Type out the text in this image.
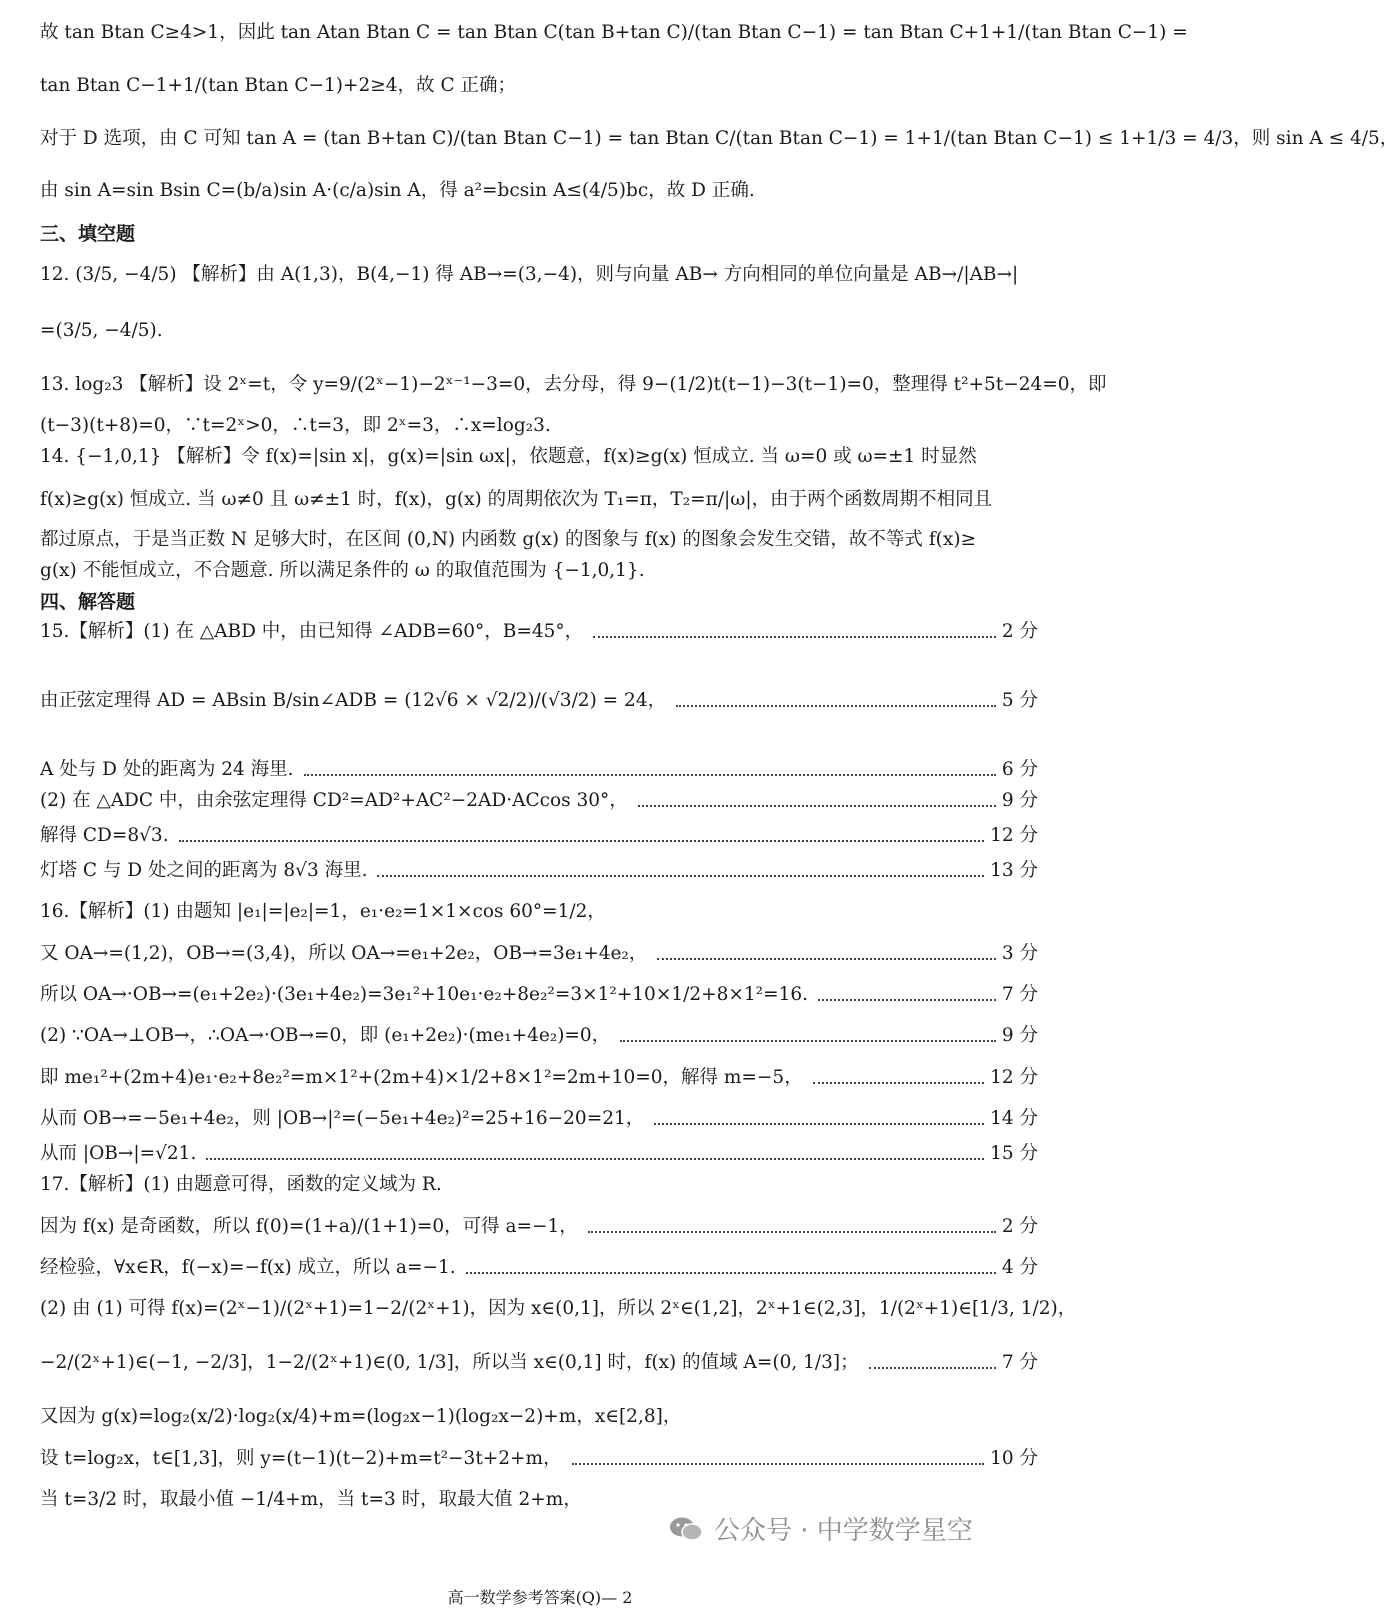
故 tan Btan C≥4>1，因此 tan Atan Btan C = tan Btan C(tan B+tan C)/(tan Btan C−1) = tan Btan C+1+1/(tan Btan C−1) =
tan Btan C−1+1/(tan Btan C−1)+2≥4，故 C 正确；
对于 D 选项，由 C 可知 tan A = (tan B+tan C)/(tan Btan C−1) = tan Btan C/(tan Btan C−1) = 1+1/(tan Btan C−1) ≤ 1+1/3 = 4/3，则 sin A ≤ 4/5，
由 sin A=sin Bsin C=(b/a)sin A·(c/a)sin A，得 a²=bcsin A≤(4/5)bc，故 D 正确.
三、填空题
12. (3/5, −4/5) 【解析】由 A(1,3)，B(4,−1) 得 AB→=(3,−4)，则与向量 AB→ 方向相同的单位向量是 AB→/|AB→|
=(3/5, −4/5).
13. log₂3 【解析】设 2ˣ=t，令 y=9/(2ˣ−1)−2ˣ⁻¹−3=0，去分母，得 9−(1/2)t(t−1)−3(t−1)=0，整理得 t²+5t−24=0，即
(t−3)(t+8)=0，∵t=2ˣ>0，∴t=3，即 2ˣ=3，∴x=log₂3.
14. {−1,0,1} 【解析】令 f(x)=|sin x|，g(x)=|sin ωx|，依题意，f(x)≥g(x) 恒成立. 当 ω=0 或 ω=±1 时显然
f(x)≥g(x) 恒成立. 当 ω≠0 且 ω≠±1 时，f(x)，g(x) 的周期依次为 T₁=π，T₂=π/|ω|，由于两个函数周期不相同且
都过原点，于是当正数 N 足够大时，在区间 (0,N) 内函数 g(x) 的图象与 f(x) 的图象会发生交错，故不等式 f(x)≥
g(x) 不能恒成立，不合题意. 所以满足条件的 ω 的取值范围为 {−1,0,1}.
四、解答题
15.【解析】(1) 在 △ABD 中，由已知得 ∠ADB=60°，B=45°，	2 分
由正弦定理得 AD = ABsin B/sin∠ADB = (12√6 × √2/2)/(√3/2) = 24，	5 分
A 处与 D 处的距离为 24 海里.	6 分
(2) 在 △ADC 中，由余弦定理得 CD²=AD²+AC²−2AD·ACcos 30°，	9 分
解得 CD=8√3.	12 分
灯塔 C 与 D 处之间的距离为 8√3 海里.	13 分
16.【解析】(1) 由题知 |e₁|=|e₂|=1，e₁·e₂=1×1×cos 60°=1/2，
又 OA→=(1,2)，OB→=(3,4)，所以 OA→=e₁+2e₂，OB→=3e₁+4e₂，	3 分
所以 OA→·OB→=(e₁+2e₂)·(3e₁+4e₂)=3e₁²+10e₁·e₂+8e₂²=3×1²+10×1/2+8×1²=16.	7 分
(2) ∵OA→⊥OB→，∴OA→·OB→=0，即 (e₁+2e₂)·(me₁+4e₂)=0，	9 分
即 me₁²+(2m+4)e₁·e₂+8e₂²=m×1²+(2m+4)×1/2+8×1²=2m+10=0，解得 m=−5，	12 分
从而 OB→=−5e₁+4e₂，则 |OB→|²=(−5e₁+4e₂)²=25+16−20=21，	14 分
从而 |OB→|=√21.	15 分
17.【解析】(1) 由题意可得，函数的定义域为 R.
因为 f(x) 是奇函数，所以 f(0)=(1+a)/(1+1)=0，可得 a=−1，	2 分
经检验，∀x∈R，f(−x)=−f(x) 成立，所以 a=−1.	4 分
(2) 由 (1) 可得 f(x)=(2ˣ−1)/(2ˣ+1)=1−2/(2ˣ+1)，因为 x∈(0,1]，所以 2ˣ∈(1,2]，2ˣ+1∈(2,3]，1/(2ˣ+1)∈[1/3, 1/2)，
−2/(2ˣ+1)∈(−1, −2/3]，1−2/(2ˣ+1)∈(0, 1/3]，所以当 x∈(0,1] 时，f(x) 的值域 A=(0, 1/3]；	7 分
又因为 g(x)=log₂(x/2)·log₂(x/4)+m=(log₂x−1)(log₂x−2)+m，x∈[2,8]，
设 t=log₂x，t∈[1,3]，则 y=(t−1)(t−2)+m=t²−3t+2+m，	10 分
当 t=3/2 时，取最小值 −1/4+m，当 t=3 时，取最大值 2+m，
公众号 · 中学数学星空
高一数学参考答案(Q)— 2
